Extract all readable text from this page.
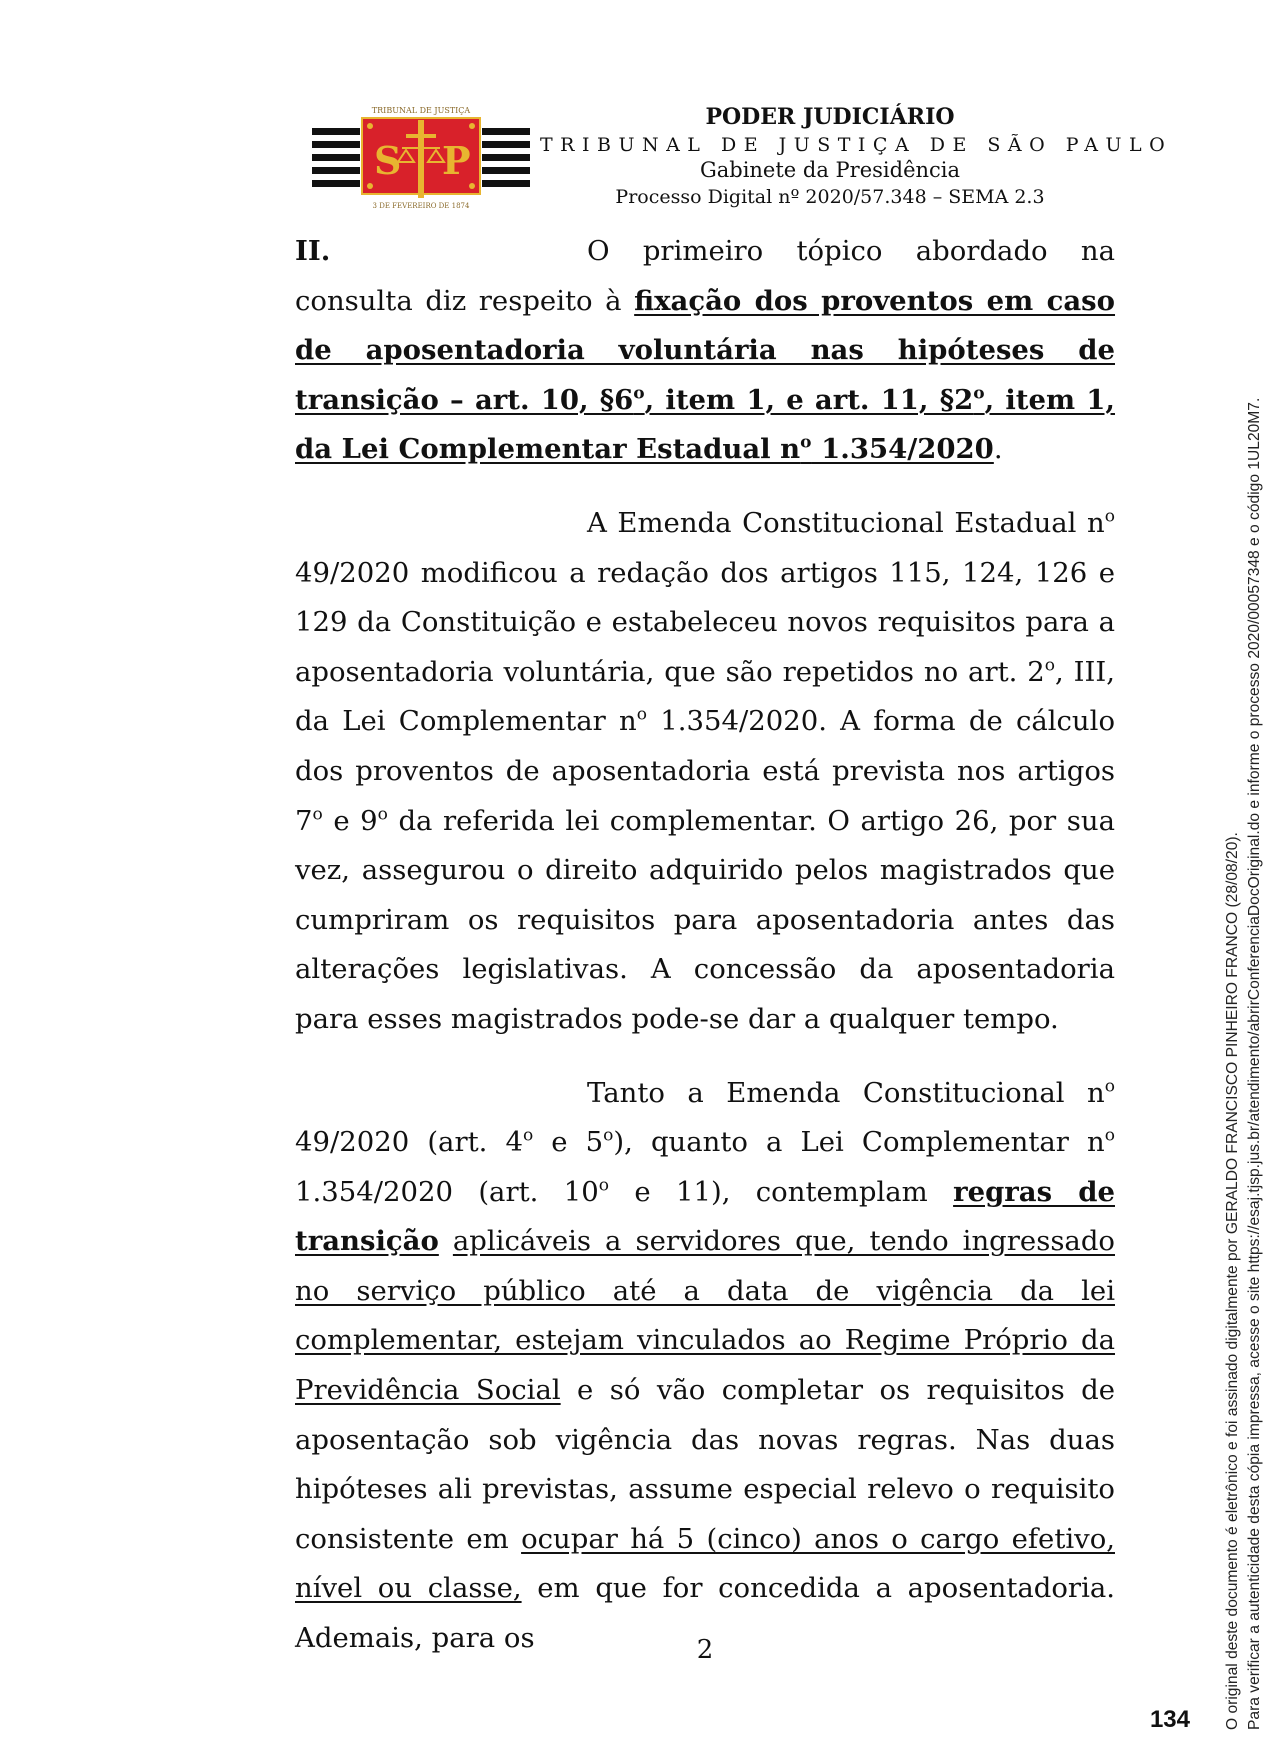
S P
TRIBUNAL DE JUSTIÇA
3 DE FEVEREIRO DE 1874
PODER JUDICIÁRIO
TRIBUNAL DE JUSTIÇA DE SÃO PAULO
Gabinete da Presidência
Processo Digital nº 2020/57.348 – SEMA 2.3

II.	O primeiro tópico abordado na consulta diz respeito à fixação dos proventos em caso de aposentadoria voluntária nas hipóteses de transição – art. 10, §6$^o$, item 1, e art. 11, §2$^o$, item 1, da Lei Complementar Estadual $n^o$ 1.354/2020.

A Emenda Constitucional Estadual $n^o$ 49/2020 modificou a redação dos artigos 115, 124, 126 e 129 da Constituição e estabeleceu novos requisitos para a aposentadoria voluntária, que são repetidos no art. 2$^o$, III, da Lei Complementar $n^o$ 1.354/2020. A forma de cálculo dos proventos de aposentadoria está prevista nos artigos 7$^o$ e 9$^o$ da referida lei complementar. O artigo 26, por sua vez, assegurou o direito adquirido pelos magistrados que cumpriram os requisitos para aposentadoria antes das alterações legislativas. A concessão da aposentadoria para esses magistrados pode-se dar a qualquer tempo.

Tanto a Emenda Constitucional $n^o$ 49/2020 (art. 4$^o$ e 5$^o$), quanto a Lei Complementar $n^o$ 1.354/2020 (art. 10$^o$ e 11), contemplam regras de transição aplicáveis a servidores que, tendo ingressado no serviço público até a data de vigência da lei complementar, estejam vinculados ao Regime Próprio da Previdência Social e só vão completar os requisitos de aposentação sob vigência das novas regras. Nas duas hipóteses ali previstas, assume especial relevo o requisito consistente em ocupar há 5 (cinco) anos o cargo efetivo, nível ou classe, em que for concedida a aposentadoria. Ademais, para os	2
134 O original deste documento é eletrônico e foi assinado digitalmente por GERALDO FRANCISCO PINHEIRO FRANCO (28/08/20). Para verificar a autenticidade desta cópia impressa, acesse o site https://esaj.tjsp.jus.br/atendimento/abrirConferenciaDocOriginal.do e informe o processo 2020/00057348 e o código 1UL20M7.
